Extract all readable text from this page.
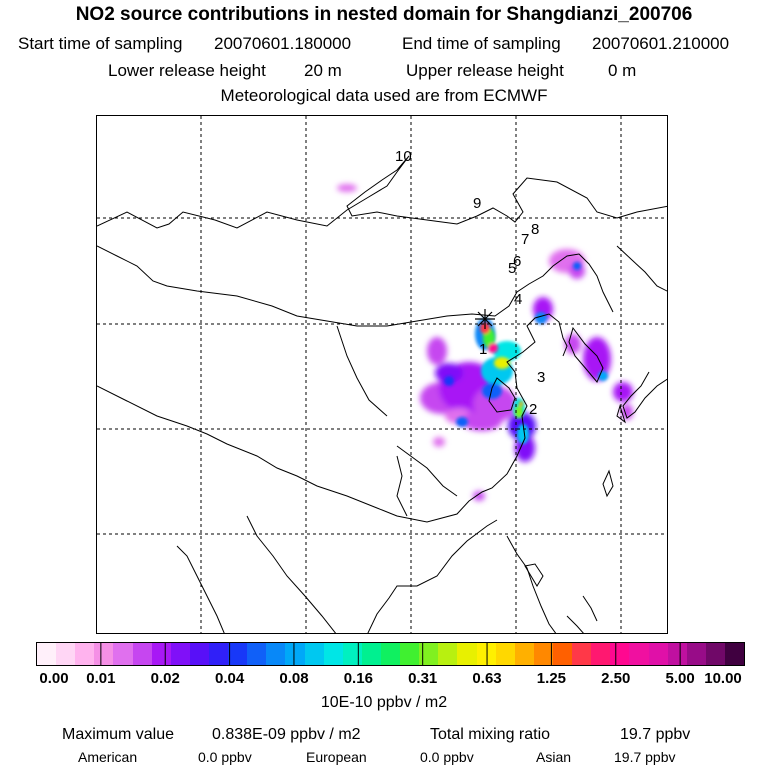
NO2 source contributions in nested domain for Shangdianzi_200706
Start time of sampling 20070601.180000	End time of sampling 20070601.210000
Lower release height 20 m	Upper release height	0 m
Meteorological data used are from ECMWF
1
2
3
4
5
6
7
8
9
10
0.00 0.01 0.02 0.04 0.08 0.16 0.31 0.63 1.25 2.50 5.00 10.00
10E-10 ppbv / m2
Maximum value 0.838E-09 ppbv / m2	Total mixing ratio	19.7 ppbv
American	0.0 ppbv	European	0.0 ppbv	Asian	19.7 ppbv
